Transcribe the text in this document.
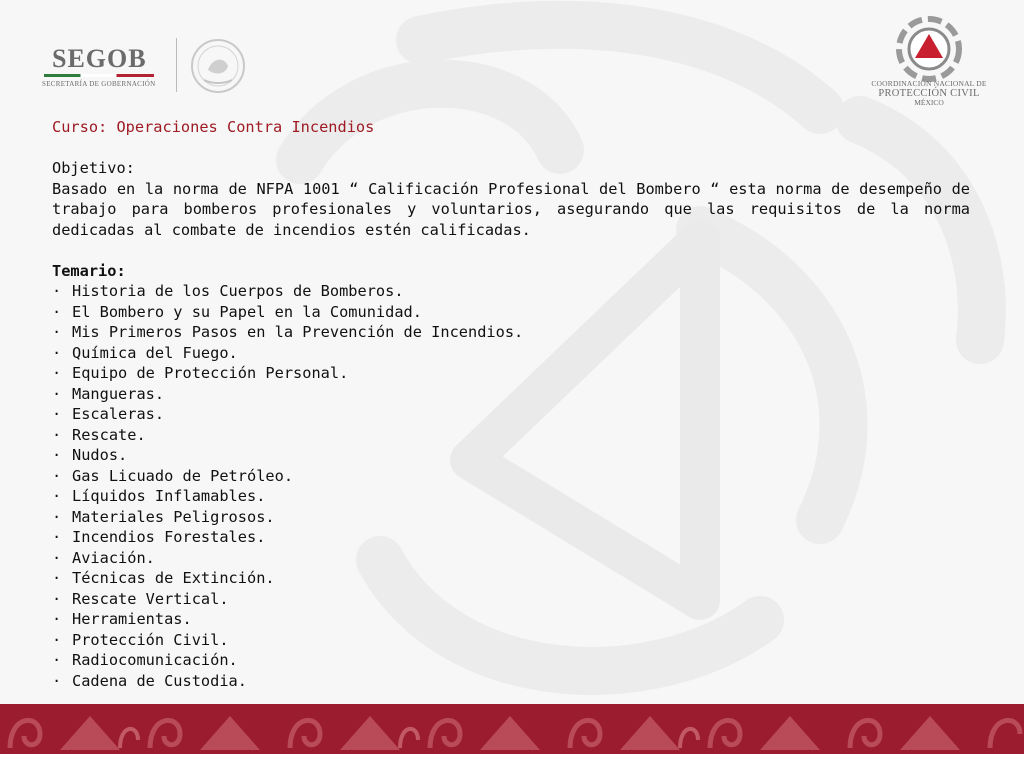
SEGOB
SECRETARÍA DE GOBERNACIÓN	COORDINACIÓN NACIONAL DE
PROTECCIÓN CIVIL
MÉXICO

Curso: Operaciones Contra Incendios

Objetivo:

Basado en la norma de NFPA 1001 “ Calificación Profesional del Bombero “ esta norma de desempeño de trabajo para bomberos profesionales y voluntarios, asegurando que las requisitos de la norma dedicadas al combate de incendios estén calificadas.

Temario:

· Historia de los Cuerpos de Bomberos.
· El Bombero y su Papel en la Comunidad.
· Mis Primeros Pasos en la Prevención de Incendios.
· Química del Fuego.
· Equipo de Protección Personal.
· Mangueras.
· Escaleras.
· Rescate.
· Nudos.
· Gas Licuado de Petróleo.
· Líquidos Inflamables.
· Materiales Peligrosos.
· Incendios Forestales.
· Aviación.
· Técnicas de Extinción.
· Rescate Vertical.
· Herramientas.
· Protección Civil.
· Radiocomunicación.
· Cadena de Custodia.
